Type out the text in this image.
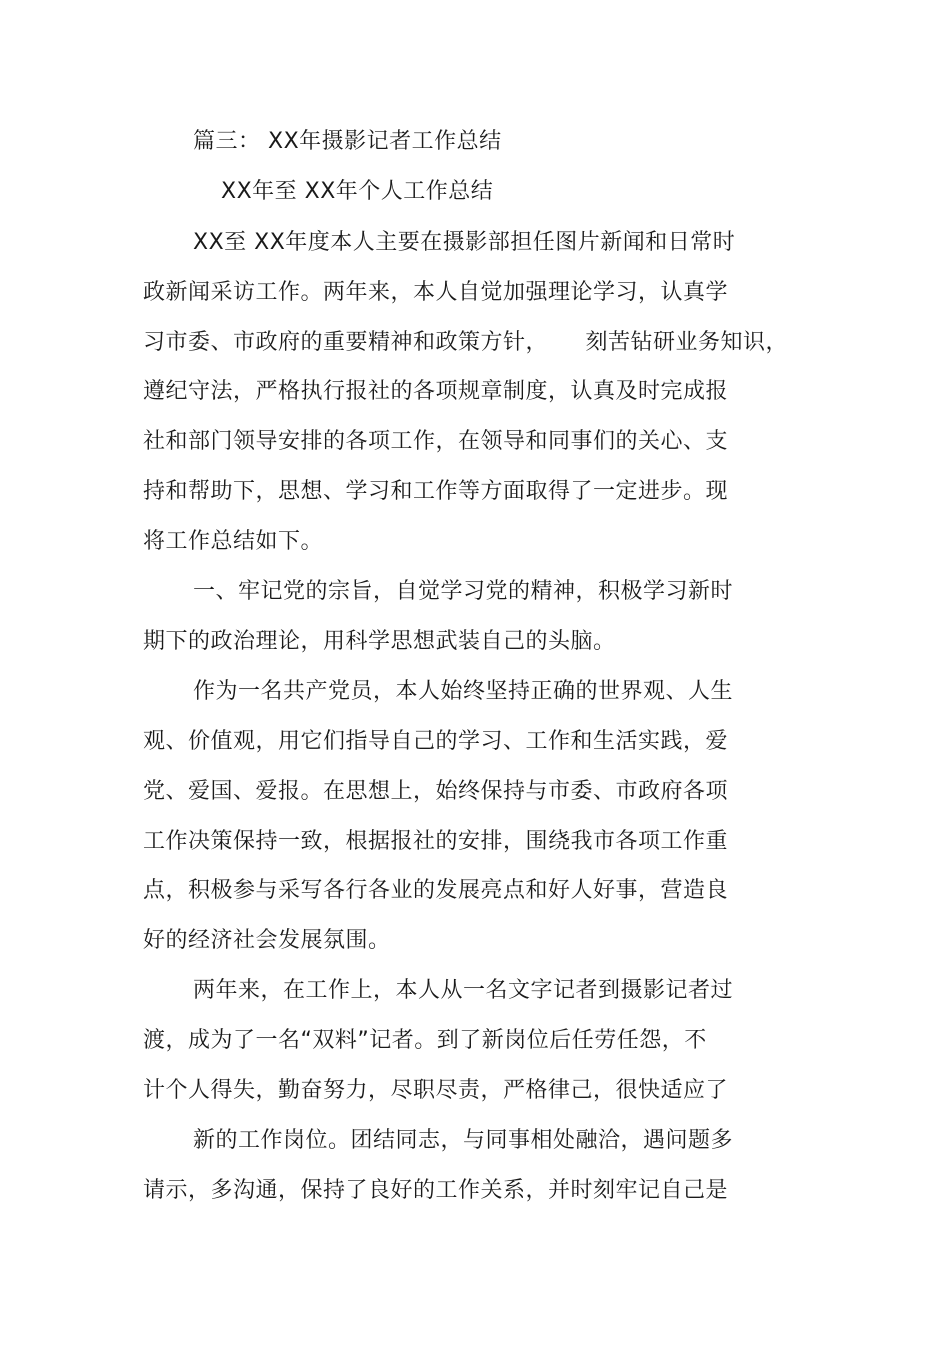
篇三： XX年摄影记者工作总结
XX年至 XX年个人工作总结
XX至 XX年度本人主要在摄影部担任图片新闻和日常时
政新闻采访工作。两年来，本人自觉加强理论学习，认真学
习市委、市政府的重要精神和政策方针，     刻苦钻研业务知识，
遵纪守法，严格执行报社的各项规章制度，认真及时完成报
社和部门领导安排的各项工作，在领导和同事们的关心、支
持和帮助下，思想、学习和工作等方面取得了一定进步。现
将工作总结如下。
一、牢记党的宗旨，自觉学习党的精神，积极学习新时
期下的政治理论，用科学思想武装自己的头脑。
作为一名共产党员，本人始终坚持正确的世界观、人生
观、价值观，用它们指导自己的学习、工作和生活实践，爱
党、爱国、爱报。在思想上，始终保持与市委、市政府各项
工作决策保持一致，根据报社的安排，围绕我市各项工作重
点，积极参与采写各行各业的发展亮点和好人好事，营造良
好的经济社会发展氛围。
两年来，在工作上，本人从一名文字记者到摄影记者过
渡，成为了一名“双料”记者。到了新岗位后任劳任怨，不
计个人得失，勤奋努力，尽职尽责，严格律己，很快适应了
新的工作岗位。团结同志，与同事相处融洽，遇问题多
请示，多沟通，保持了良好的工作关系，并时刻牢记自己是
